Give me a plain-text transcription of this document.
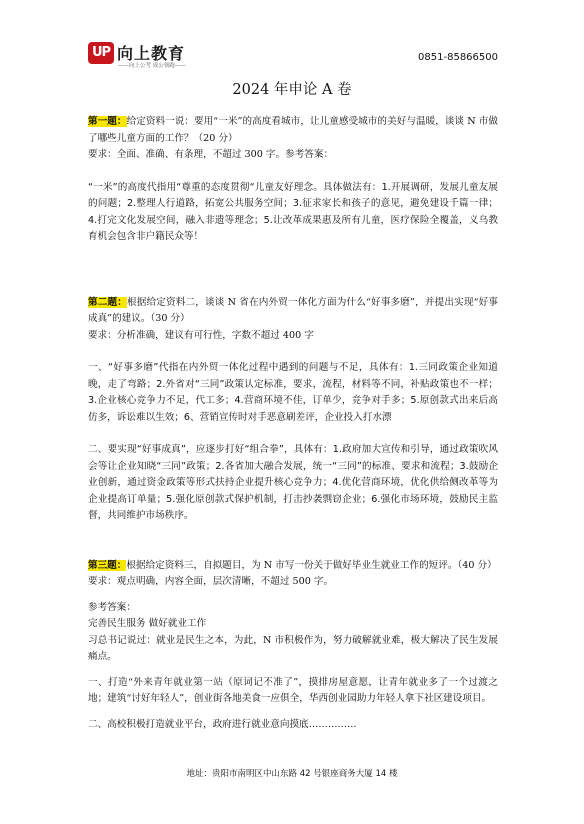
UP 向上教育
——向上公考 成公领跑——
0851-85866500
2024 年申论 A 卷

第一题：给定资料一说：要用“一米”的高度看城市，让儿童感受城市的美好与温暖，谈谈 N 市做了哪些儿童方面的工作？（20 分）

要求：全面、准确、有条理，不超过 300 字。参考答案：

“一米”的高度代指用“尊重的态度贯彻“儿童友好理念。具体做法有：1.开展调研，发展儿童友展的问题；2.整理人行道路，拓宽公共服务空间；3.征求家长和孩子的意见，避免建设千篇一律；4.打完文化发展空间，融入非遗等理念；5.让改革成果惠及所有儿童，医疗保险全覆盖，义乌教育机会包含非户籍民众等！

第二题：根据给定资料二，谈谈 N 省在内外贸一体化方面为什么“好事多磨”，并提出实现“好事成真”的建议。（30 分）

要求：分析准确，建议有可行性，字数不超过 400 字

一、“好事多磨”代指在内外贸一体化过程中遇到的问题与不足，具体有：1.三同政策企业知道晚，走了弯路；2.外省对“三同”政策认定标准，要求，流程，材料等不同，补贴政策也不一样；3.企业核心竞争力不足，代工多；4.营商环境不佳，订单少，竞争对手多；5.原创款式出来后高仿多，诉讼难以生效；6、营销宣传时对手恶意刷差评，企业投入打水漂

二、要实现“好事成真”，应逐步打好“组合拳”，具体有：1.政府加大宣传和引导，通过政策吹风会等让企业知晓“三同”政策；2.各省加大融合发展，统一“三同”的标准、要求和流程；3.鼓励企业创新，通过资金政策等形式扶持企业提升核心竞争力；4.优化营商环境，优化供给侧改革等为企业提高订单量；5.强化原创款式保护机制，打击抄袭剽窃企业；6.强化市场环境，鼓励民主监督，共同维护市场秩序。

第三题：根据给定资料三，自拟题目，为 N 市写一份关于做好毕业生就业工作的短评。（40 分）

要求：观点明确，内容全面，层次清晰，不超过 500 字。

参考答案：

完善民生服务 做好就业工作

习总书记说过：就业是民生之本，为此，N 市积极作为，努力破解就业难，极大解决了民生发展痛点。

一、打造“外来青年就业第一站（原词记不准了”，摸排房屋意愿，让青年就业多了一个过渡之地；建筑“讨好年轻人”，创业街各地美食一应俱全，华西创业园助力年轻人拿下社区建设项目。

二、高校积极打造就业平台，政府进行就业意向摸底……………

地址：贵阳市南明区中山东路 42 号银座商务大厦 14 楼
